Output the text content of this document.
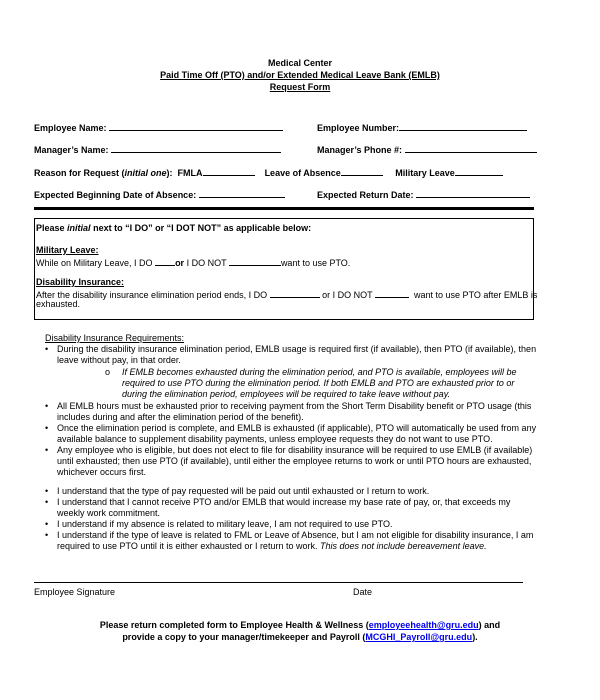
Medical Center
Paid Time Off (PTO) and/or Extended Medical Leave Bank (EMLB)
Request Form
Employee Name:	Employee Number:
Manager’s Name:	Manager’s Phone #:
Reason for Request (initial one): FMLA	Leave of Absence	Military Leave
Expected Beginning Date of Absence:	Expected Return Date:
Please initial next to “I DO” or “I DOT NOT” as applicable below:
Military Leave:
While on Military Leave, I DO	or I DO NOT	want to use PTO.
Disability Insurance:
After the disability insurance elimination period ends, I DO	or I DO NOT	want to use PTO after EMLB is
exhausted.
Disability Insurance Requirements:
• During the disability insurance elimination period, EMLB usage is required first (if available), then PTO (if available), then leave without pay, in that order.
o If EMLB becomes exhausted during the elimination period, and PTO is available, employees will be required to use PTO during the elimination period. If both EMLB and PTO are exhausted prior to or during the elimination period, employees will be required to take leave without pay.
• All EMLB hours must be exhausted prior to receiving payment from the Short Term Disability benefit or PTO usage (this includes during and after the elimination period of the benefit).
• Once the elimination period is complete, and EMLB is exhausted (if applicable), PTO will automatically be used from any available balance to supplement disability payments, unless employee requests they do not want to use PTO.
• Any employee who is eligible, but does not elect to file for disability insurance will be required to use EMLB (if available) until exhausted; then use PTO (if available), until either the employee returns to work or until PTO hours are exhausted, whichever occurs first.
• I understand that the type of pay requested will be paid out until exhausted or I return to work.
• I understand that I cannot receive PTO and/or EMLB that would increase my base rate of pay, or, that exceeds my weekly work commitment.
• I understand if my absence is related to military leave, I am not required to use PTO.
• I understand if the type of leave is related to FML or Leave of Absence, but I am not eligible for disability insurance, I am required to use PTO until it is either exhausted or I return to work. This does not include bereavement leave.
Employee Signature	Date
Please return completed form to Employee Health & Wellness (employeehealth@gru.edu) and
provide a copy to your manager/timekeeper and Payroll (MCGHI_Payroll@gru.edu).
